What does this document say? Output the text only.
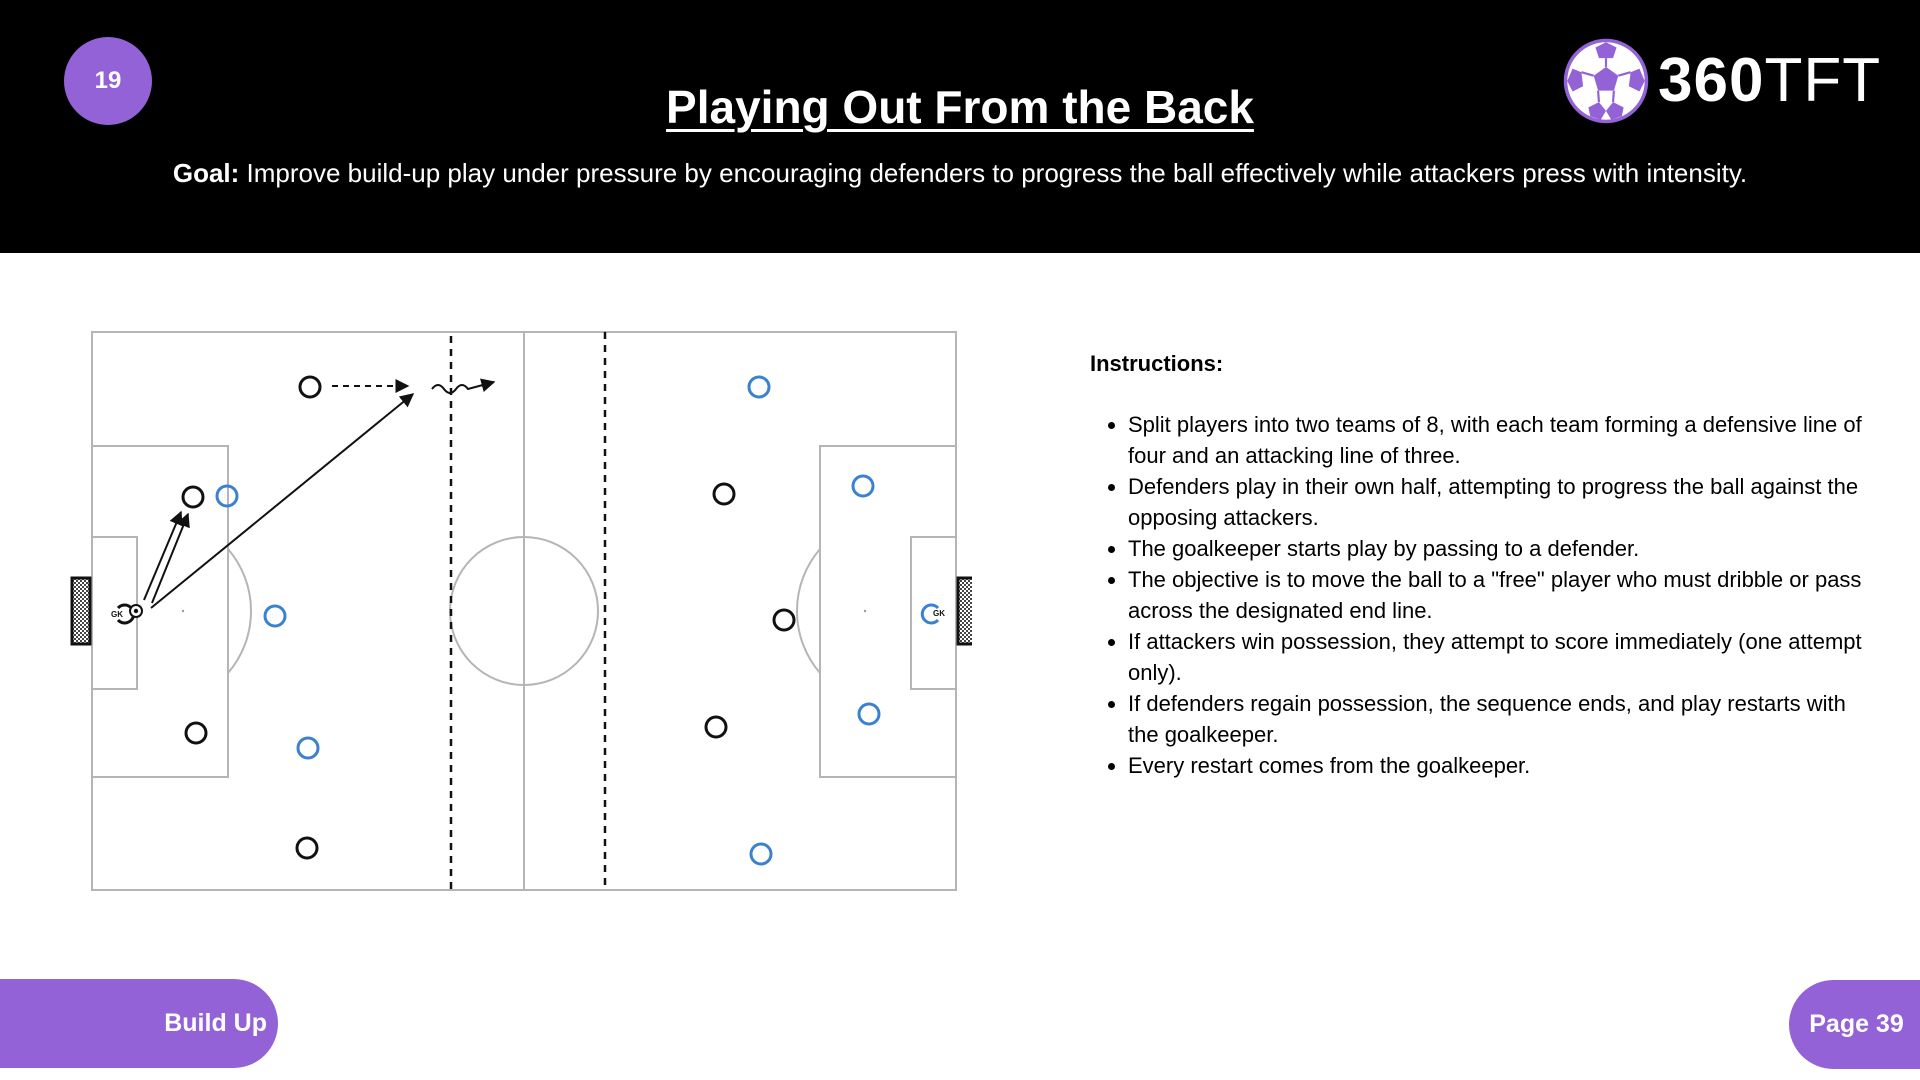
19
Playing Out From the Back
Goal: Improve build-up play under pressure by encouraging defenders to progress the ball effectively while attackers press with intensity.
360TFT
GK	GK
Instructions:
Split players into two teams of 8, with each team forming a defensive line of four and an attacking line of three.
Defenders play in their own half, attempting to progress the ball against the opposing attackers.
The goalkeeper starts play by passing to a defender.
The objective is to move the ball to a "free" player who must dribble or pass across the designated end line.
If attackers win possession, they attempt to score immediately (one attempt only).
If defenders regain possession, the sequence ends, and play restarts with the goalkeeper.
Every restart comes from the goalkeeper.
Build Up	Page 39
